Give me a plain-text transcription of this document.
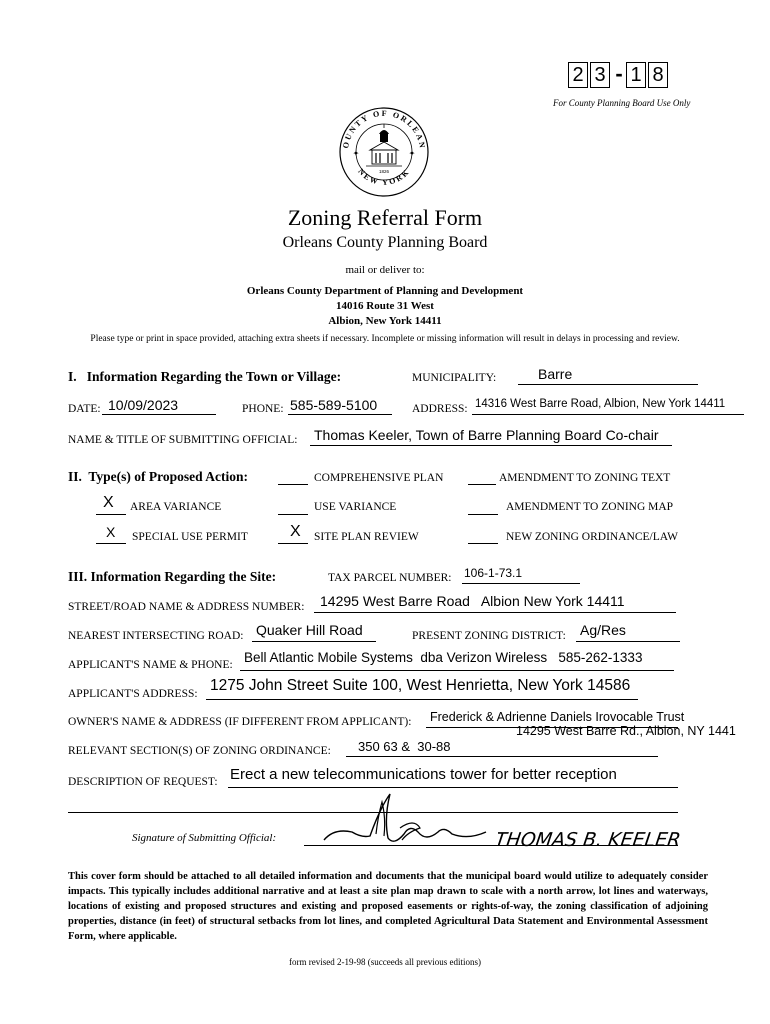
2 3 - 1 8
For County Planning Board Use Only
OUNTY OF ORLEAN
NEW YORK
1826
✦	✦
Zoning Referral Form
Orleans County Planning Board
mail or deliver to:
Orleans County Department of Planning and Development
14016 Route 31 West
Albion, New York 14411
Please type or print in space provided, attaching extra sheets if necessary. Incomplete or missing information will result in delays in processing and review.
I.   Information Regarding the Town or Village:	MUNICIPALITY:	Barre
DATE: 10/09/2023	PHONE: 585-589-5100	ADDRESS: 14316 West Barre Road, Albion, New York 14411
NAME & TITLE OF SUBMITTING OFFICIAL: Thomas Keeler, Town of Barre Planning Board Co-chair
II.  Type(s) of Proposed Action:	COMPREHENSIVE PLAN	AMENDMENT TO ZONING TEXT
X AREA VARIANCE	USE VARIANCE	AMENDMENT TO ZONING MAP
X SPECIAL USE PERMIT	X SITE PLAN REVIEW	NEW ZONING ORDINANCE/LAW
III. Information Regarding the Site:	TAX PARCEL NUMBER: 106-1-73.1
STREET/ROAD NAME & ADDRESS NUMBER: 14295 West Barre Road   Albion New York 14411
NEAREST INTERSECTING ROAD: Quaker Hill Road	PRESENT ZONING DISTRICT: Ag/Res
APPLICANT'S NAME & PHONE: Bell Atlantic Mobile Systems  dba Verizon Wireless   585-262-1333
APPLICANT'S ADDRESS: 1275 John Street Suite 100, West Henrietta, New York 14586
OWNER'S NAME & ADDRESS (IF DIFFERENT FROM APPLICANT): Frederick & Adrienne Daniels Irovocable Trust
14295 West Barre Rd., Albion, NY 1441
RELEVANT SECTION(S) OF ZONING ORDINANCE: 350 63 &  30-88
DESCRIPTION OF REQUEST: Erect a new telecommunications tower for better reception
Signature of Submitting Official:	THOMAS B. KEELER
This cover form should be attached to all detailed information and documents that the municipal board would utilize to adequately consider impacts. This typically includes additional narrative and at least a site plan map drawn to scale with a north arrow, lot lines and waterways, locations of existing and proposed structures and existing and proposed easements or rights-of-way, the zoning classification of adjoining properties, distance (in feet) of structural setbacks from lot lines, and completed Agricultural Data Statement and Environmental Assessment Form, where applicable.
form revised 2-19-98 (succeeds all previous editions)
